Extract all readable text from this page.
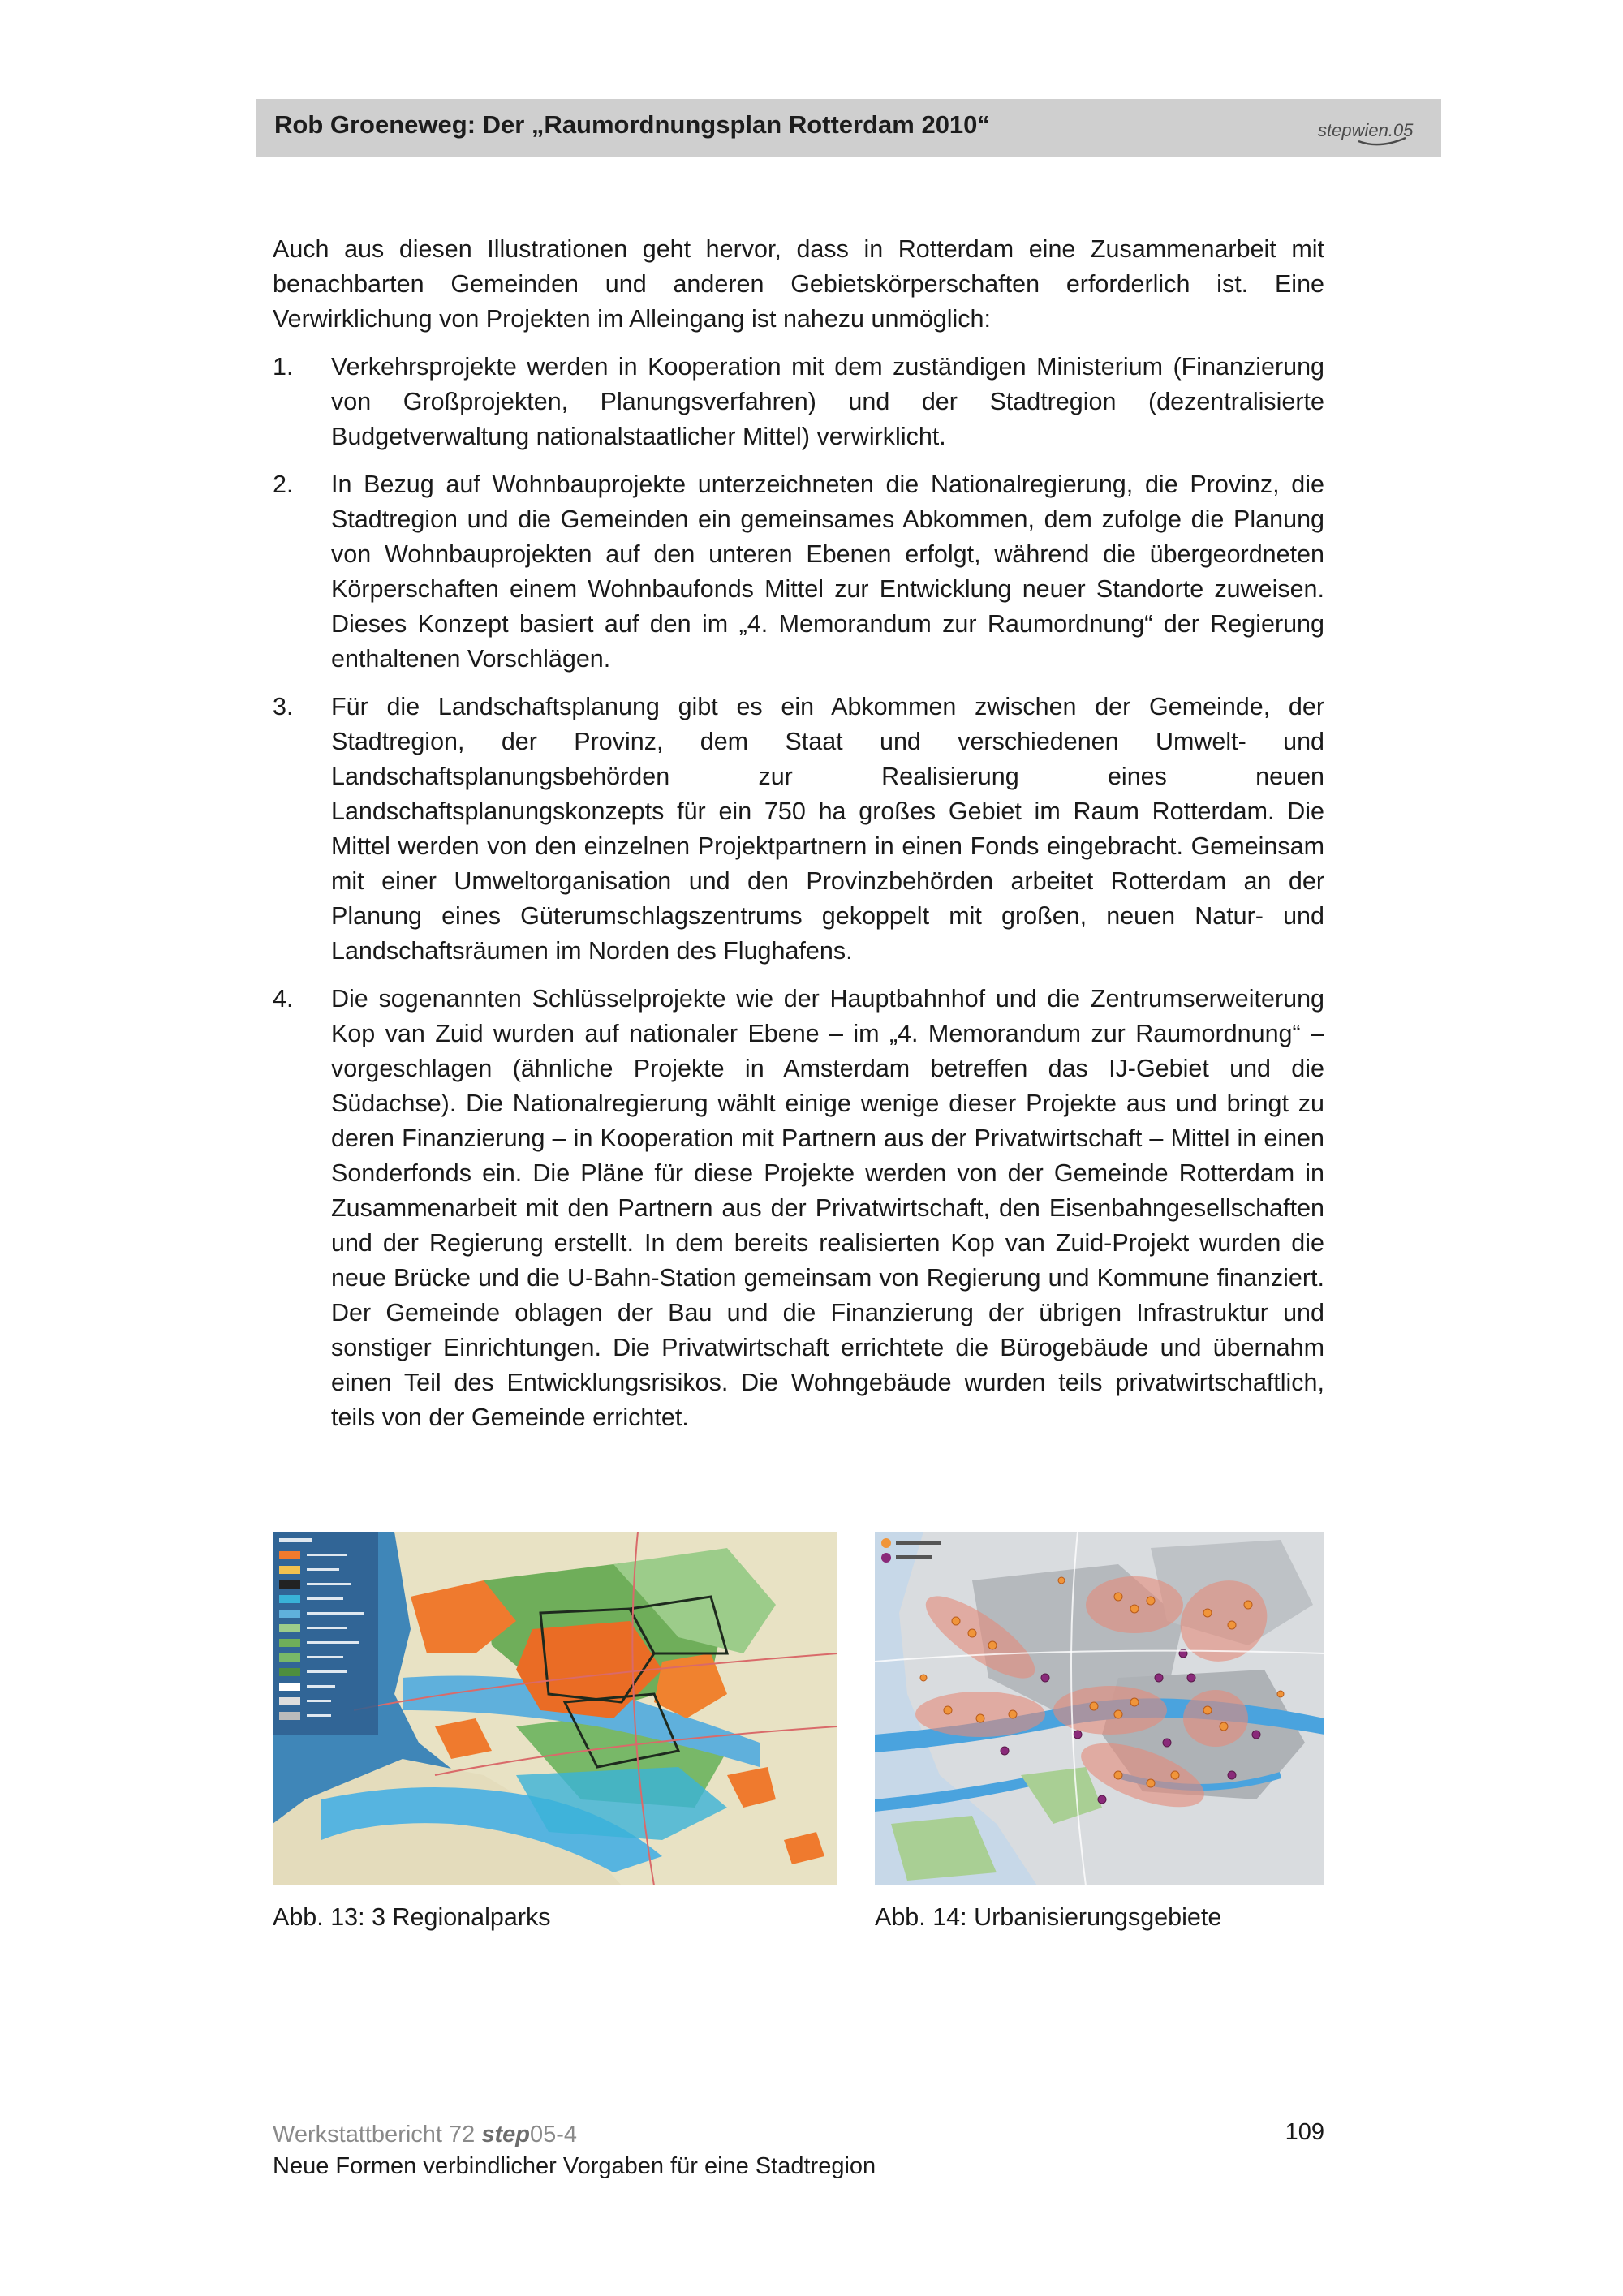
Rob Groeneweg: Der „Raumordnungsplan Rotterdam 2010“	stepwien.05

Auch aus diesen Illustrationen geht hervor, dass in Rotterdam eine Zusammenarbeit mit benachbarten Gemeinden und anderen Gebietskörperschaften erforderlich ist. Eine Verwirklichung von Projekten im Alleingang ist nahezu unmöglich:

1.	Verkehrsprojekte werden in Kooperation mit dem zuständigen Ministerium (Finanzierung von Großprojekten, Planungsverfahren) und der Stadtregion (dezentralisierte Budgetverwaltung nationalstaatlicher Mittel) verwirklicht.
2.	In Bezug auf Wohnbauprojekte unterzeichneten die Nationalregierung, die Provinz, die Stadtregion und die Gemeinden ein gemeinsames Abkommen, dem zufolge die Planung von Wohnbauprojekten auf den unteren Ebenen erfolgt, während die übergeordneten Körperschaften einem Wohnbaufonds Mittel zur Entwicklung neuer Standorte zuweisen. Dieses Konzept basiert auf den im „4. Memorandum zur Raumordnung“ der Regierung enthaltenen Vorschlägen.
3.	Für die Landschaftsplanung gibt es ein Abkommen zwischen der Gemeinde, der Stadtregion, der Provinz, dem Staat und verschiedenen Umwelt- und Landschaftsplanungsbehörden zur Realisierung eines neuen Landschaftsplanungskonzepts für ein 750 ha großes Gebiet im Raum Rotterdam. Die Mittel werden von den einzelnen Projektpartnern in einen Fonds eingebracht. Gemeinsam mit einer Umweltorganisation und den Provinzbehörden arbeitet Rotterdam an der Planung eines Güterumschlagszentrums gekoppelt mit großen, neuen Natur- und Landschaftsräumen im Norden des Flughafens.
4.	Die sogenannten Schlüsselprojekte wie der Hauptbahnhof und die Zentrumserweiterung Kop van Zuid wurden auf nationaler Ebene – im „4. Memorandum zur Raumordnung“ – vorgeschlagen (ähnliche Projekte in Amsterdam betreffen das IJ-Gebiet und die Südachse). Die Nationalregierung wählt einige wenige dieser Projekte aus und bringt zu deren Finanzierung – in Kooperation mit Partnern aus der Privatwirtschaft – Mittel in einen Sonderfonds ein. Die Pläne für diese Projekte werden von der Gemeinde Rotterdam in Zusammenarbeit mit den Partnern aus der Privatwirtschaft, den Eisenbahngesellschaften und der Regierung erstellt. In dem bereits realisierten Kop van Zuid-Projekt wurden die neue Brücke und die U-Bahn-Station gemeinsam von Regierung und Kommune finanziert. Der Gemeinde oblagen der Bau und die Finanzierung der übrigen Infrastruktur und sonstiger Einrichtungen. Die Privatwirtschaft errichtete die Bürogebäude und übernahm einen Teil des Entwicklungsrisikos. Die Wohngebäude wurden teils privatwirtschaftlich, teils von der Gemeinde errichtet.
Abb. 13: 3 Regionalparks	Abb. 14: Urbanisierungsgebiete
Werkstattbericht 72 step05-4
Neue Formen verbindlicher Vorgaben für eine Stadtregion
109
